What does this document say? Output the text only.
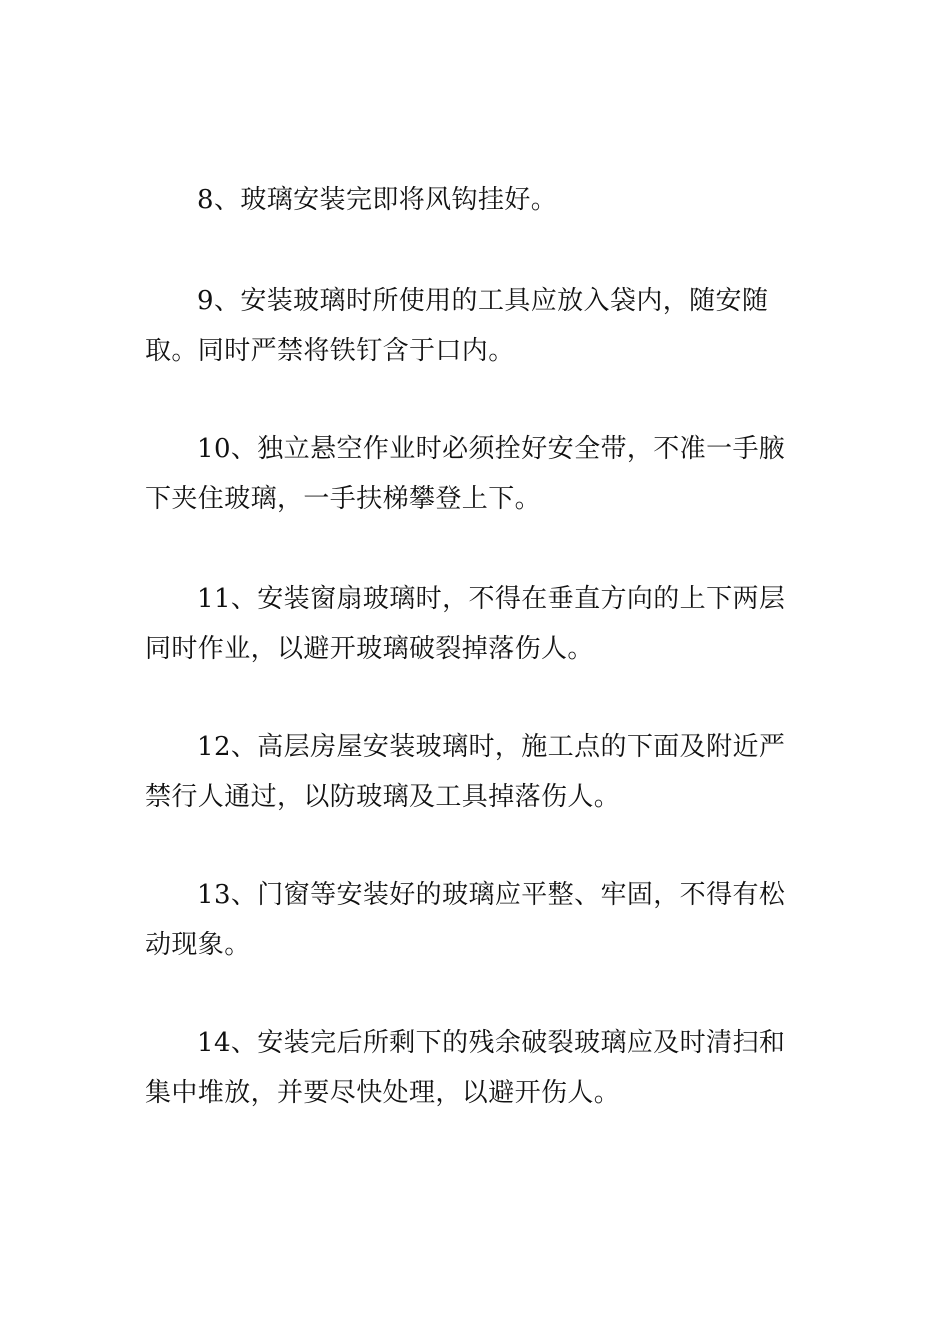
8、玻璃安装完即将风钩挂好。

9、安装玻璃时所使用的工具应放入袋内，随安随取。同时严禁将铁钉含于口内。

10、独立悬空作业时必须拴好安全带，不准一手腋下夹住玻璃，一手扶梯攀登上下。

11、安装窗扇玻璃时，不得在垂直方向的上下两层同时作业，以避开玻璃破裂掉落伤人。

12、高层房屋安装玻璃时，施工点的下面及附近严禁行人通过，以防玻璃及工具掉落伤人。

13、门窗等安装好的玻璃应平整、牢固，不得有松动现象。

14、安装完后所剩下的残余破裂玻璃应及时清扫和集中堆放，并要尽快处理，以避开伤人。
